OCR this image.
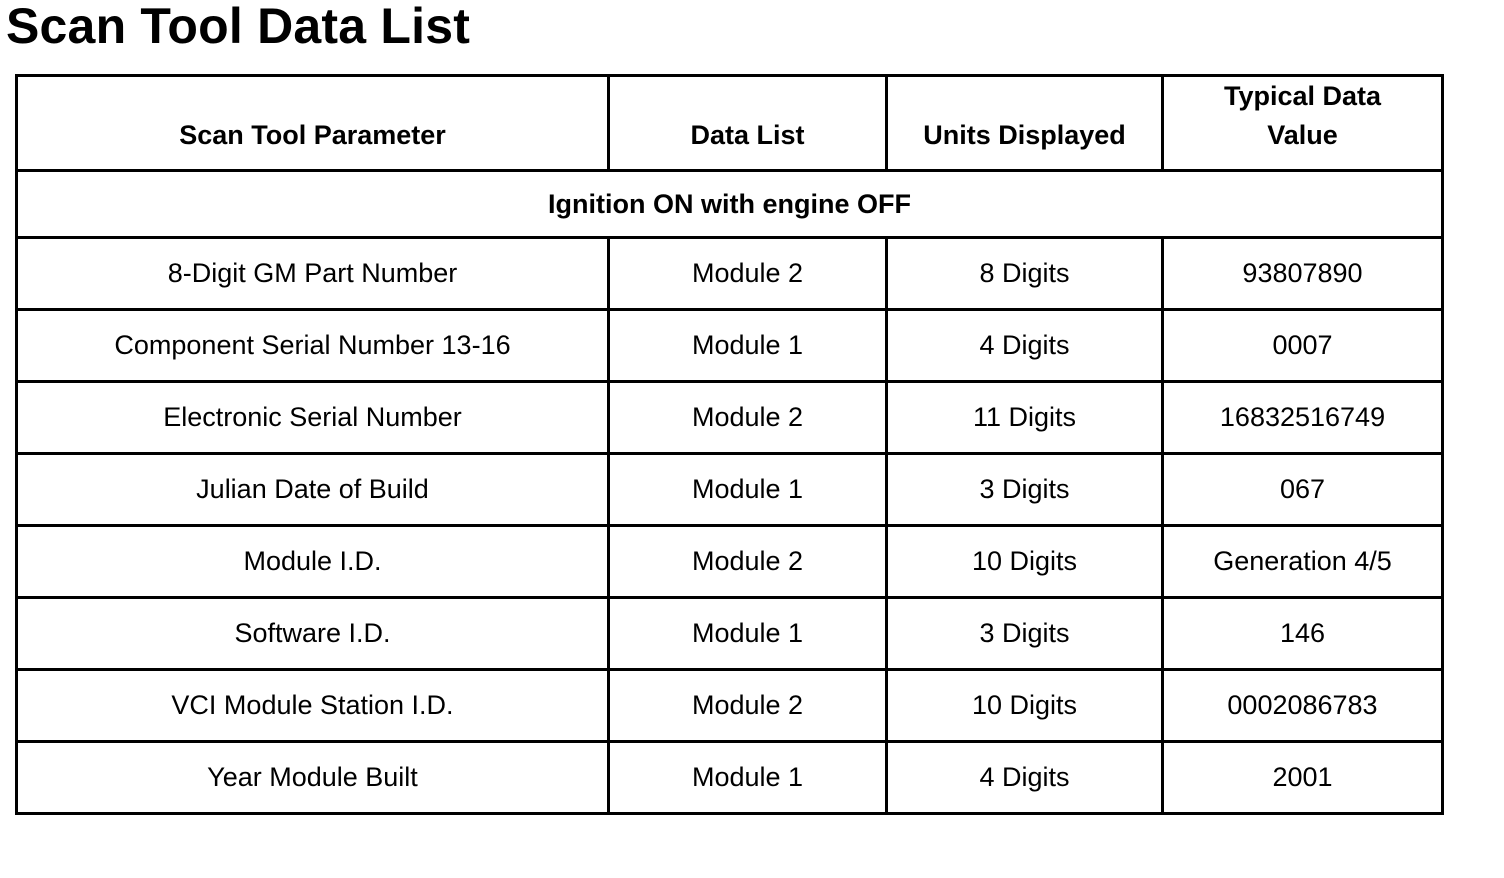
Scan Tool Data List
Scan Tool Parameter	Data List	Units Displayed	Typical Data
Value
Ignition ON with engine OFF			
8-Digit GM Part Number	Module 2	8 Digits	93807890
Component Serial Number 13-16	Module 1	4 Digits	0007
Electronic Serial Number	Module 2	11 Digits	16832516749
Julian Date of Build	Module 1	3 Digits	067
Module I.D.	Module 2	10 Digits	Generation 4/5
Software I.D.	Module 1	3 Digits	146
VCI Module Station I.D.	Module 2	10 Digits	0002086783
Year Module Built	Module 1	4 Digits	2001
